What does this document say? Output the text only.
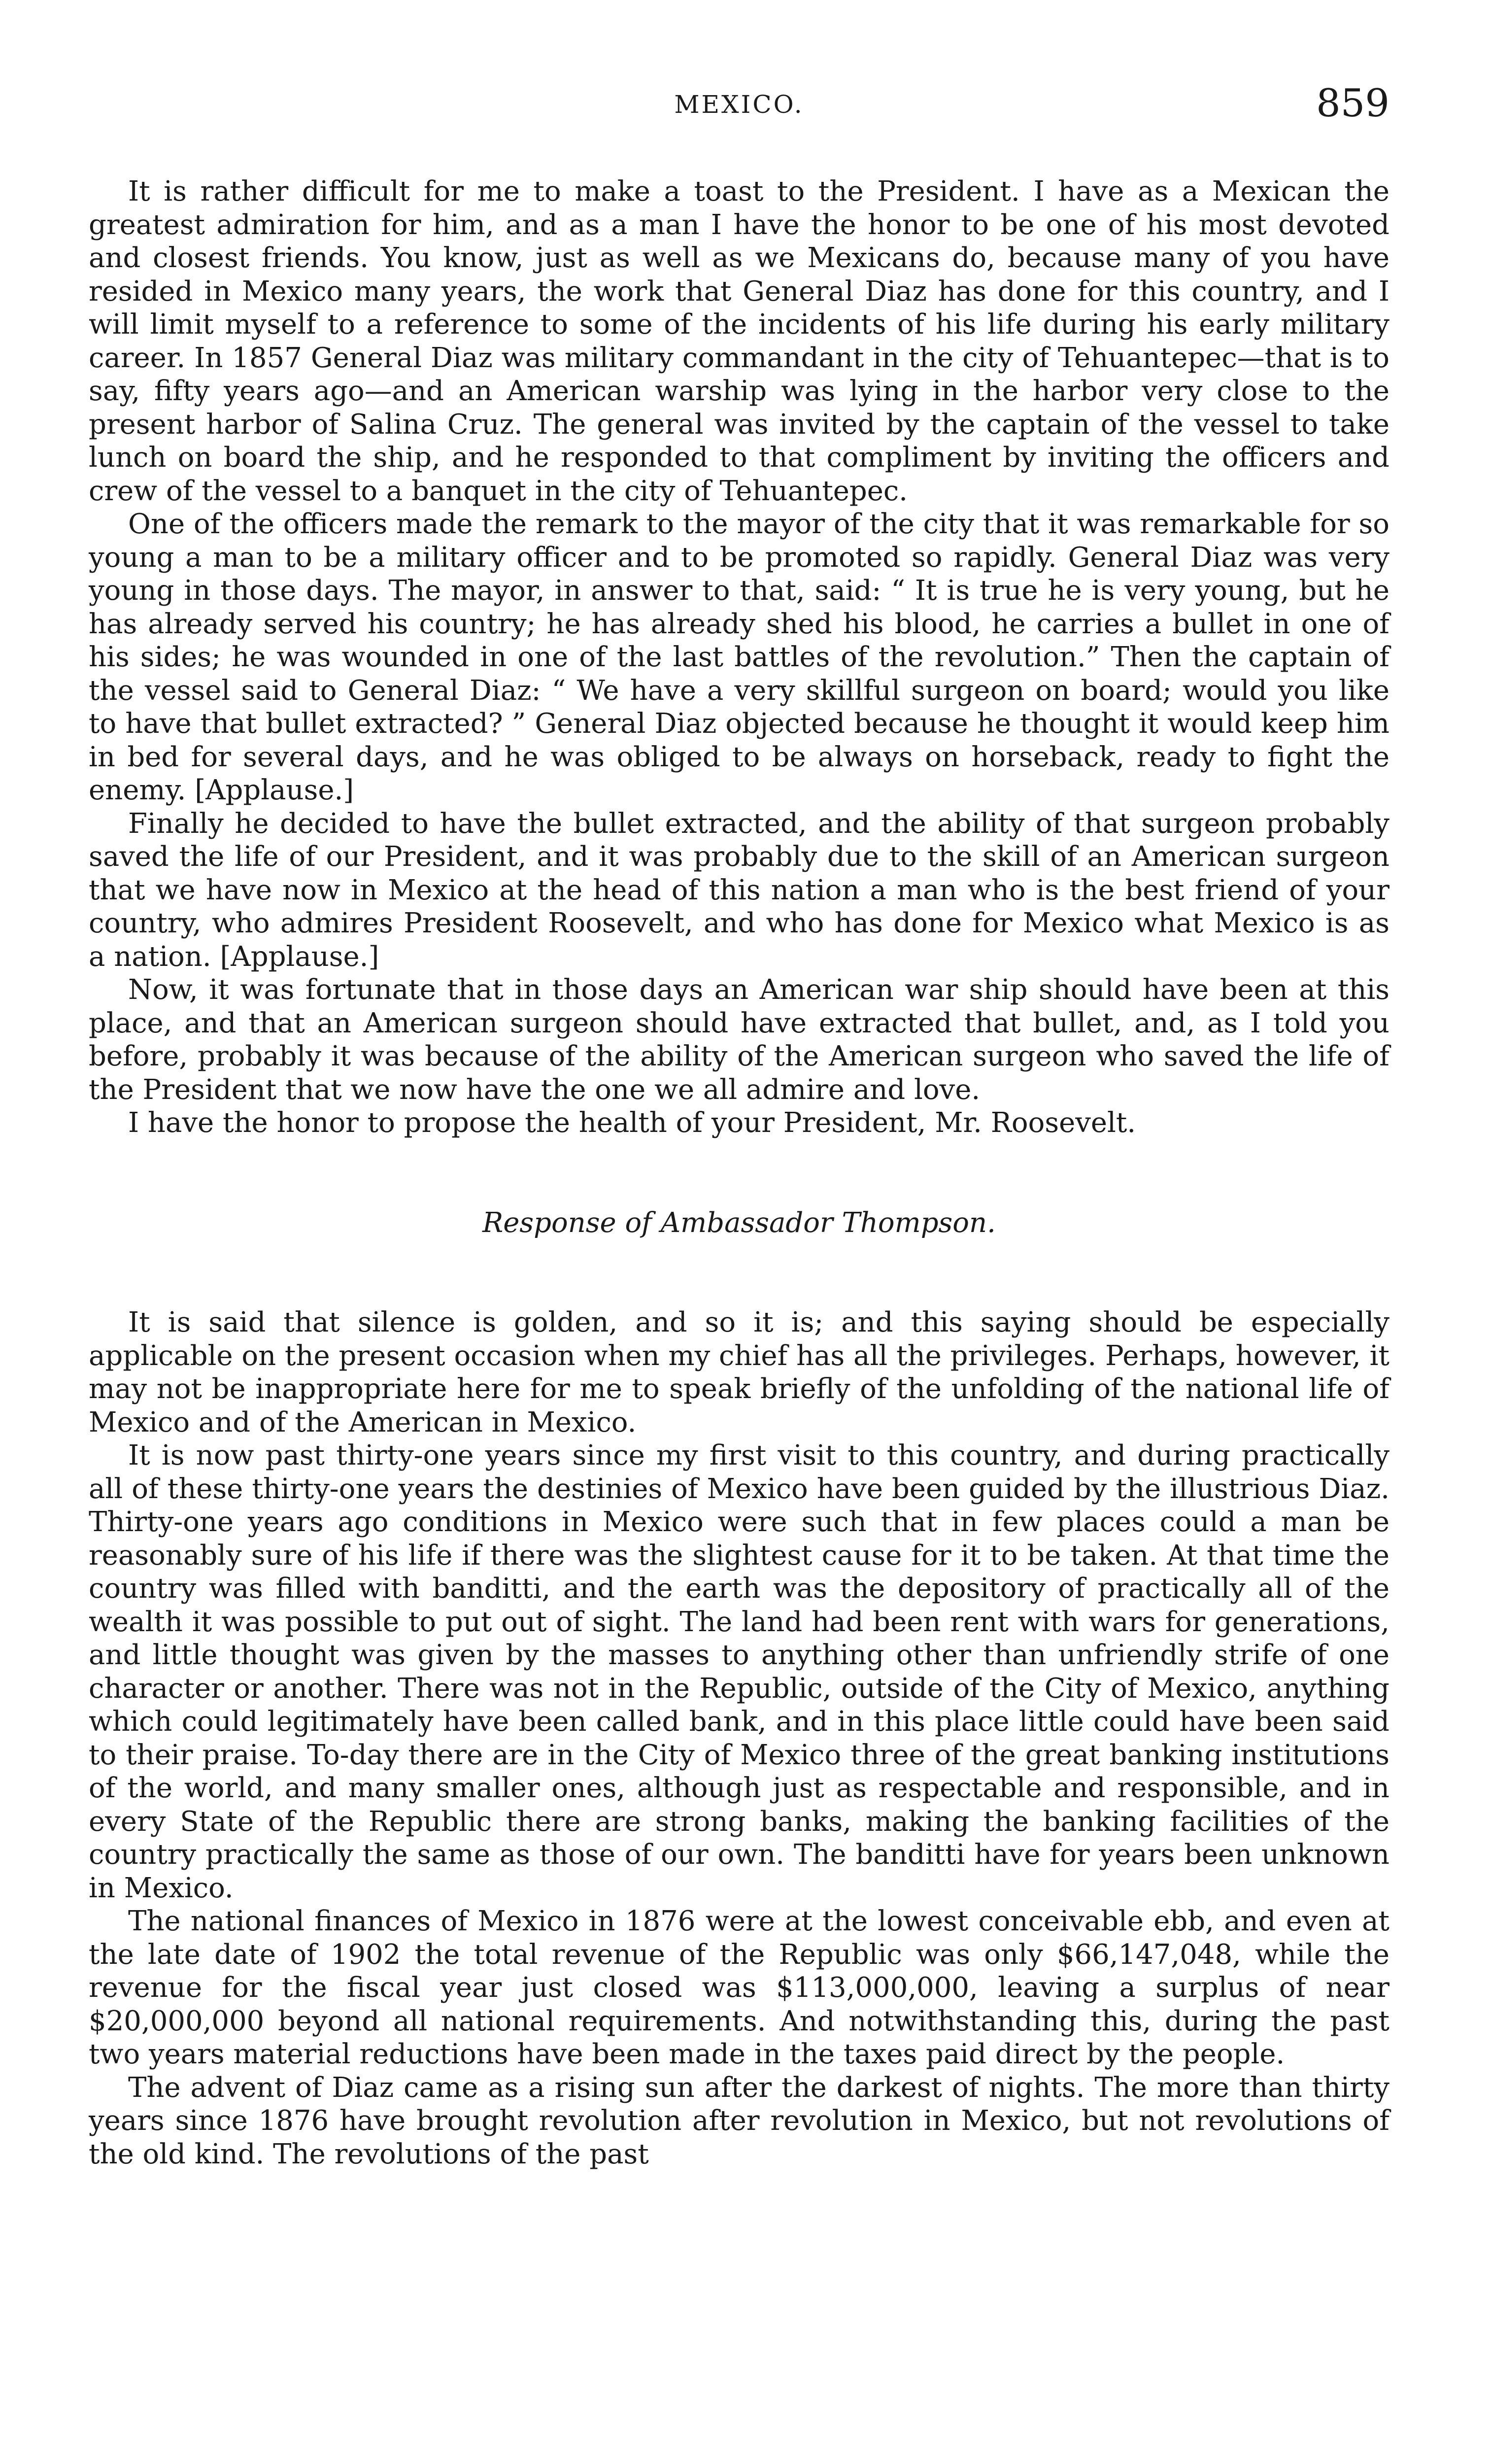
MEXICO.	859

It is rather difficult for me to make a toast to the President. I have as a Mexican the greatest admiration for him, and as a man I have the honor to be one of his most devoted and closest friends. You know, just as well as we Mexicans do, because many of you have resided in Mexico many years, the work that General Diaz has done for this country, and I will limit myself to a reference to some of the incidents of his life during his early military career. In 1857 General Diaz was military commandant in the city of Tehuantepec—that is to say, fifty years ago—and an American warship was lying in the harbor very close to the present harbor of Salina Cruz. The general was invited by the captain of the vessel to take lunch on board the ship, and he responded to that compliment by inviting the officers and crew of the vessel to a banquet in the city of Tehuantepec.

One of the officers made the remark to the mayor of the city that it was remarkable for so young a man to be a military officer and to be promoted so rapidly. General Diaz was very young in those days. The mayor, in answer to that, said: “ It is true he is very young, but he has already served his country; he has already shed his blood, he carries a bullet in one of his sides; he was wounded in one of the last battles of the revolution.” Then the captain of the vessel said to General Diaz: “ We have a very skillful surgeon on board; would you like to have that bullet extracted? ” General Diaz objected because he thought it would keep him in bed for several days, and he was obliged to be always on horseback, ready to fight the enemy. [Applause.]

Finally he decided to have the bullet extracted, and the ability of that surgeon probably saved the life of our President, and it was probably due to the skill of an American surgeon that we have now in Mexico at the head of this nation a man who is the best friend of your country, who admires President Roosevelt, and who has done for Mexico what Mexico is as a nation. [Applause.]

Now, it was fortunate that in those days an American war ship should have been at this place, and that an American surgeon should have extracted that bullet, and, as I told you before, probably it was because of the ability of the American surgeon who saved the life of the President that we now have the one we all admire and love.

I have the honor to propose the health of your President, Mr. Roosevelt.

Response of Ambassador Thompson.

It is said that silence is golden, and so it is; and this saying should be especially applicable on the present occasion when my chief has all the privileges. Perhaps, however, it may not be inappropriate here for me to speak briefly of the unfolding of the national life of Mexico and of the American in Mexico.

It is now past thirty-one years since my first visit to this country, and during practically all of these thirty-one years the destinies of Mexico have been guided by the illustrious Diaz. Thirty-one years ago conditions in Mexico were such that in few places could a man be reasonably sure of his life if there was the slightest cause for it to be taken. At that time the country was filled with banditti, and the earth was the depository of practically all of the wealth it was possible to put out of sight. The land had been rent with wars for generations, and little thought was given by the masses to anything other than unfriendly strife of one character or another. There was not in the Republic, outside of the City of Mexico, anything which could legitimately have been called bank, and in this place little could have been said to their praise. To-day there are in the City of Mexico three of the great banking institutions of the world, and many smaller ones, although just as respectable and responsible, and in every State of the Republic there are strong banks, making the banking facilities of the country practically the same as those of our own. The banditti have for years been unknown in Mexico.

The national finances of Mexico in 1876 were at the lowest conceivable ebb, and even at the late date of 1902 the total revenue of the Republic was only $66,147,048, while the revenue for the fiscal year just closed was $113,000,000, leaving a surplus of near $20,000,000 beyond all national requirements. And notwithstanding this, during the past two years material reductions have been made in the taxes paid direct by the people.

The advent of Diaz came as a rising sun after the darkest of nights. The more than thirty years since 1876 have brought revolution after revolution in Mexico, but not revolutions of the old kind. The revolutions of the past
